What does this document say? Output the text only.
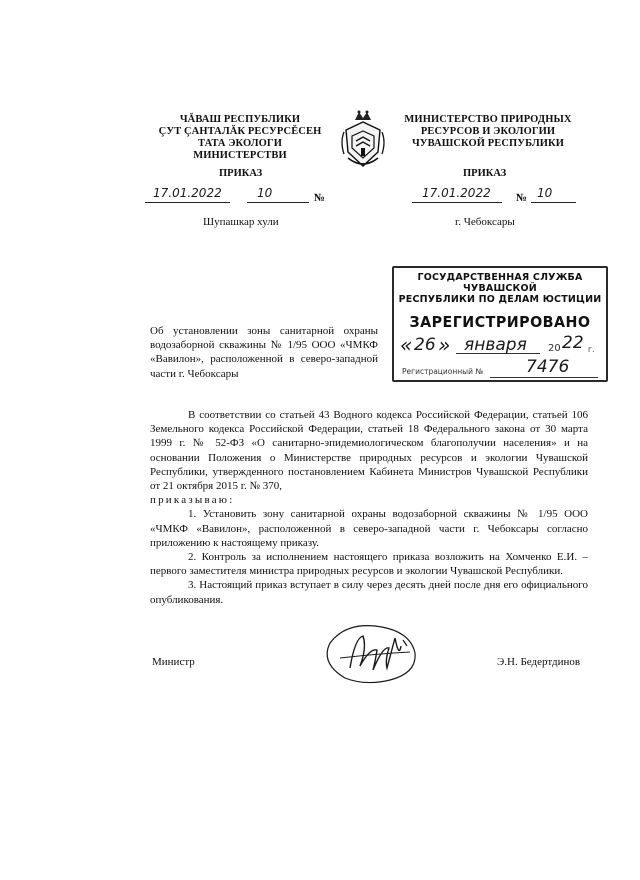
ЧĂВАШ РЕСПУБЛИКИ
ÇУТ ÇАНТАЛĂК РЕСУРСĔСЕН
ТАТА ЭКОЛОГИ МИНИСТЕРСТВИ
МИНИСТЕРСТВО ПРИРОДНЫХ
РЕСУРСОВ И ЭКОЛОГИИ
ЧУВАШСКОЙ РЕСПУБЛИКИ
ПРИКАЗ	ПРИКАЗ
17.01.2022	10	№	17.01.2022 № 10
Шупашкар хули	г. Чебоксары
ГОСУДАРСТВЕННАЯ СЛУЖБА ЧУВАШСКОЙ
РЕСПУБЛИКИ ПО ДЕЛАМ ЮСТИЦИИ
ЗАРЕГИСТРИРОВАНО
« 26 » января 20 22 г.
Регистрационный №	7476
Об установлении зоны санитарной охраны водозаборной скважины № 1/95 ООО «ЧМКФ «Вавилон», расположенной в северо-западной части г. Чебоксары

В соответствии со статьей 43 Водного кодекса Российской Федерации, статьей 106 Земельного кодекса Российской Федерации, статьей 18 Федерального закона от 30 марта 1999 г. № 52-ФЗ «О санитарно-эпидемиологическом благополучии населения» и на основании Положения о Министерстве природных ресурсов и экологии Чувашской Республики, утвержденного постановлением Кабинета Министров Чувашской Республики от 21 октября 2015 г. № 370,

приказываю:

1. Установить зону санитарной охраны водозаборной скважины № 1/95 ООО «ЧМКФ «Вавилон», расположенной в северо-западной части г. Чебоксары согласно приложению к настоящему приказу.

2. Контроль за исполнением настоящего приказа возложить на Хомченко Е.И. – первого заместителя министра природных ресурсов и экологии Чувашской Республики.

3. Настоящий приказ вступает в силу через десять дней после дня его официального опубликования.

Министр	Э.Н. Бедертдинов
